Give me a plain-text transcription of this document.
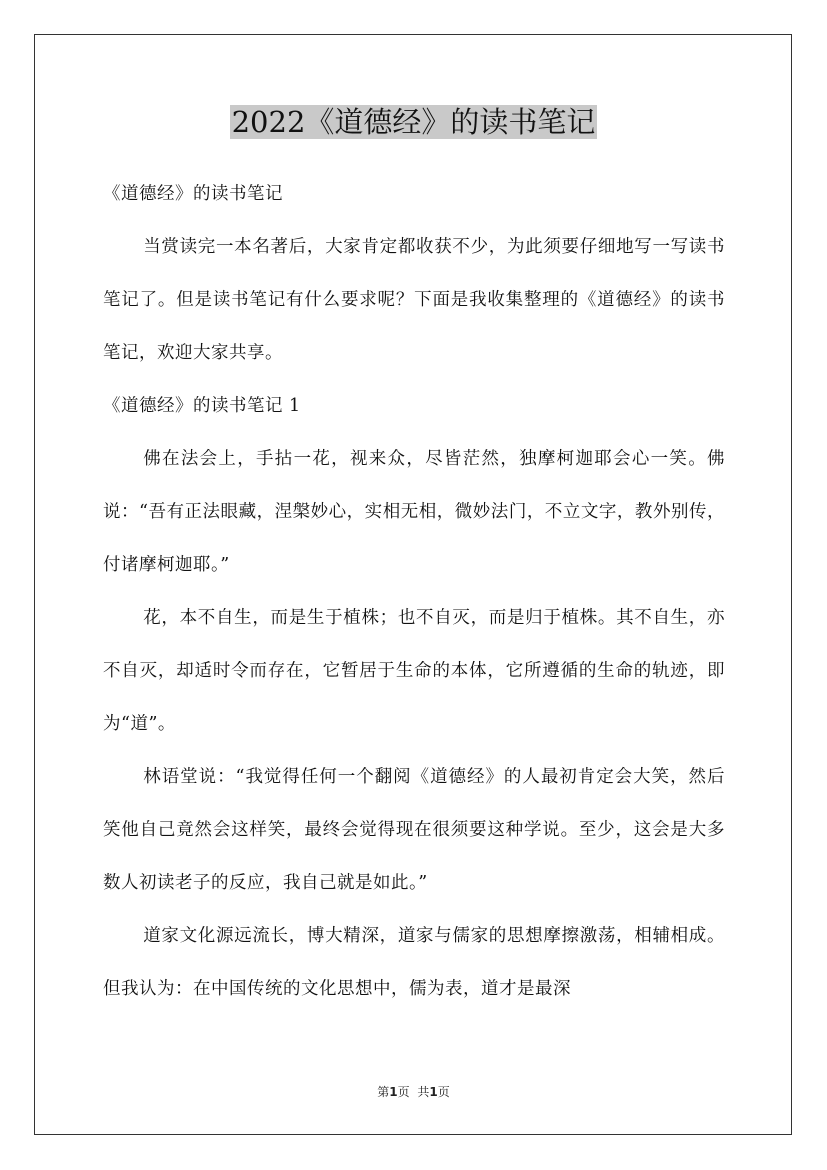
2022《道德经》的读书笔记

《道德经》的读书笔记

当赏读完一本名著后，大家肯定都收获不少，为此须要仔细地写一写读书笔记了。但是读书笔记有什么要求呢？下面是我收集整理的《道德经》的读书笔记，欢迎大家共享。

《道德经》的读书笔记 1

佛在法会上，手拈一花，视来众，尽皆茫然，独摩柯迦耶会心一笑。佛说：“吾有正法眼藏，涅槃妙心，实相无相，微妙法门，不立文字，教外别传，付诸摩柯迦耶。”

花，本不自生，而是生于植株；也不自灭，而是归于植株。其不自生，亦不自灭，却适时令而存在，它暂居于生命的本体，它所遵循的生命的轨迹，即为“道”。

林语堂说：“我觉得任何一个翻阅《道德经》的人最初肯定会大笑，然后笑他自己竟然会这样笑，最终会觉得现在很须要这种学说。至少，这会是大多数人初读老子的反应，我自己就是如此。”

道家文化源远流长，博大精深，道家与儒家的思想摩擦激荡，相辅相成。但我认为：在中国传统的文化思想中，儒为表，道才是最深

第1页 共1页
